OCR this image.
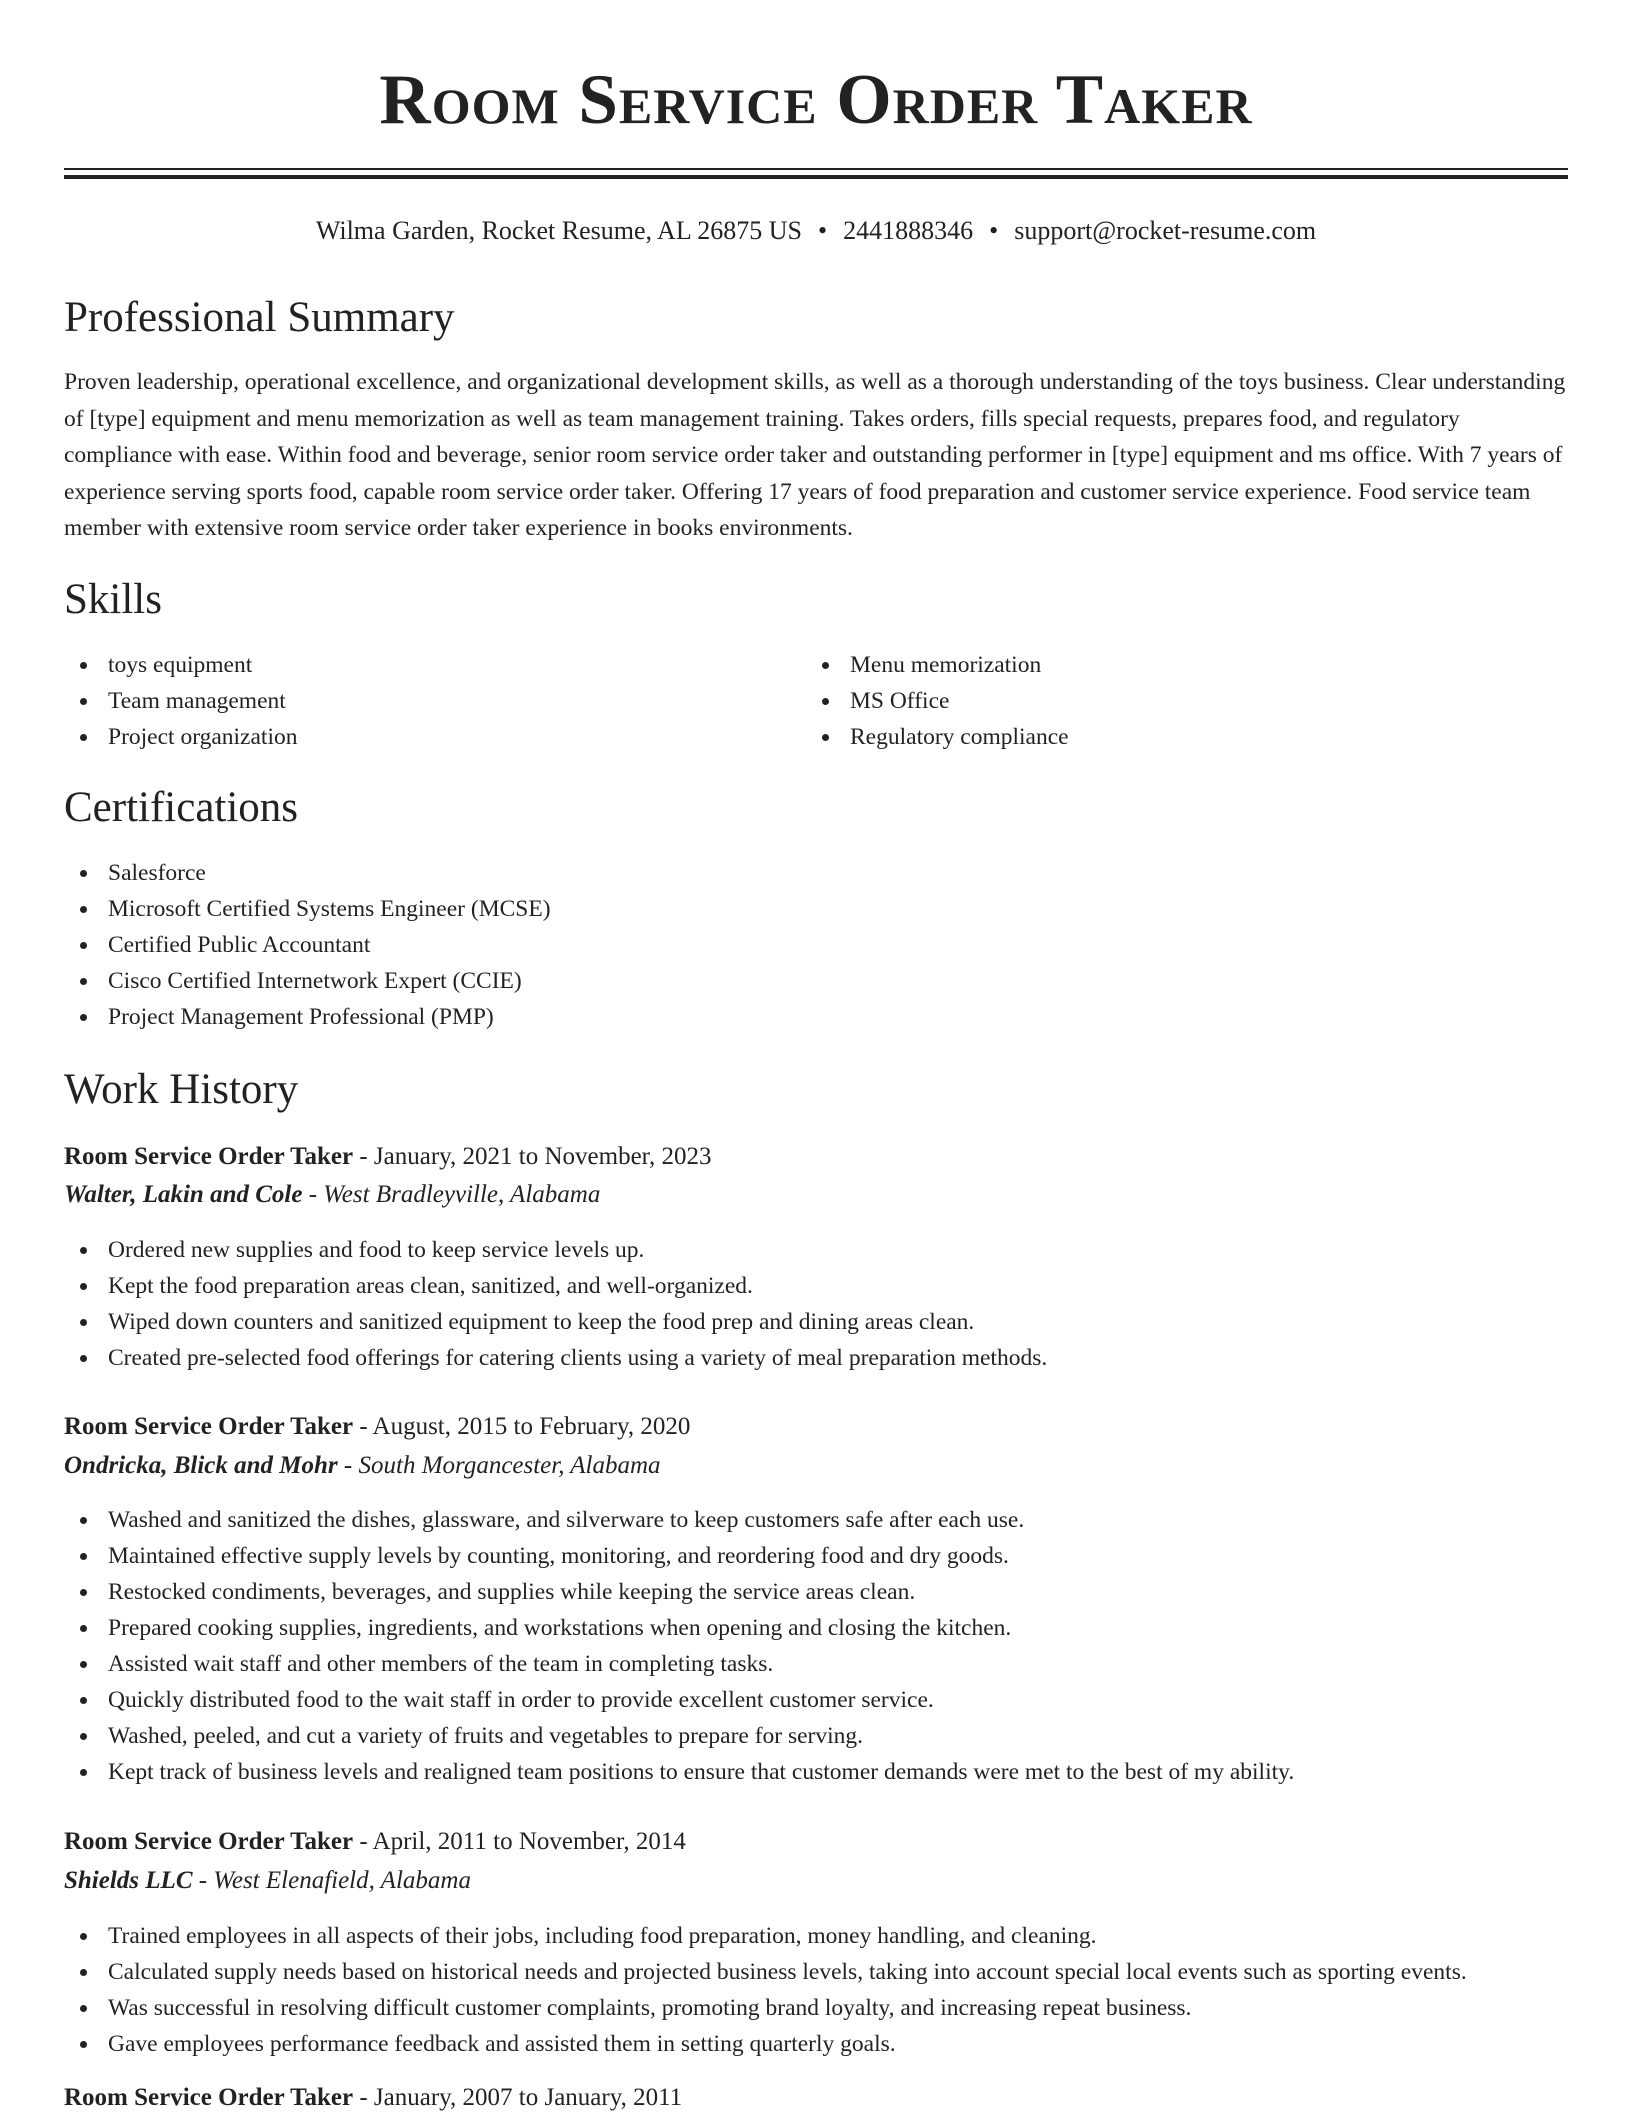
Room Service Order Taker
Wilma Garden, Rocket Resume, AL 26875 US • 2441888346 • support@rocket-resume.com
Professional Summary

Proven leadership, operational excellence, and organizational development skills, as well as a thorough understanding of the toys business. Clear understanding of [type] equipment and menu memorization as well as team management training. Takes orders, fills special requests, prepares food, and regulatory compliance with ease. Within food and beverage, senior room service order taker and outstanding performer in [type] equipment and ms office. With 7 years of experience serving sports food, capable room service order taker. Offering 17 years of food preparation and customer service experience. Food service team member with extensive room service order taker experience in books environments.

Skills
toys equipment
Team management
Project organization
Menu memorization
MS Office
Regulatory compliance
Certifications
Salesforce
Microsoft Certified Systems Engineer (MCSE)
Certified Public Accountant
Cisco Certified Internetwork Expert (CCIE)
Project Management Professional (PMP)
Work History
Room Service Order Taker - January, 2021 to November, 2023
Walter, Lakin and Cole - West Bradleyville, Alabama
Ordered new supplies and food to keep service levels up.
Kept the food preparation areas clean, sanitized, and well-organized.
Wiped down counters and sanitized equipment to keep the food prep and dining areas clean.
Created pre-selected food offerings for catering clients using a variety of meal preparation methods.
Room Service Order Taker - August, 2015 to February, 2020
Ondricka, Blick and Mohr - South Morgancester, Alabama
Washed and sanitized the dishes, glassware, and silverware to keep customers safe after each use.
Maintained effective supply levels by counting, monitoring, and reordering food and dry goods.
Restocked condiments, beverages, and supplies while keeping the service areas clean.
Prepared cooking supplies, ingredients, and workstations when opening and closing the kitchen.
Assisted wait staff and other members of the team in completing tasks.
Quickly distributed food to the wait staff in order to provide excellent customer service.
Washed, peeled, and cut a variety of fruits and vegetables to prepare for serving.
Kept track of business levels and realigned team positions to ensure that customer demands were met to the best of my ability.
Room Service Order Taker - April, 2011 to November, 2014
Shields LLC - West Elenafield, Alabama
Trained employees in all aspects of their jobs, including food preparation, money handling, and cleaning.
Calculated supply needs based on historical needs and projected business levels, taking into account special local events such as sporting events.
Was successful in resolving difficult customer complaints, promoting brand loyalty, and increasing repeat business.
Gave employees performance feedback and assisted them in setting quarterly goals.
Room Service Order Taker - January, 2007 to January, 2011
